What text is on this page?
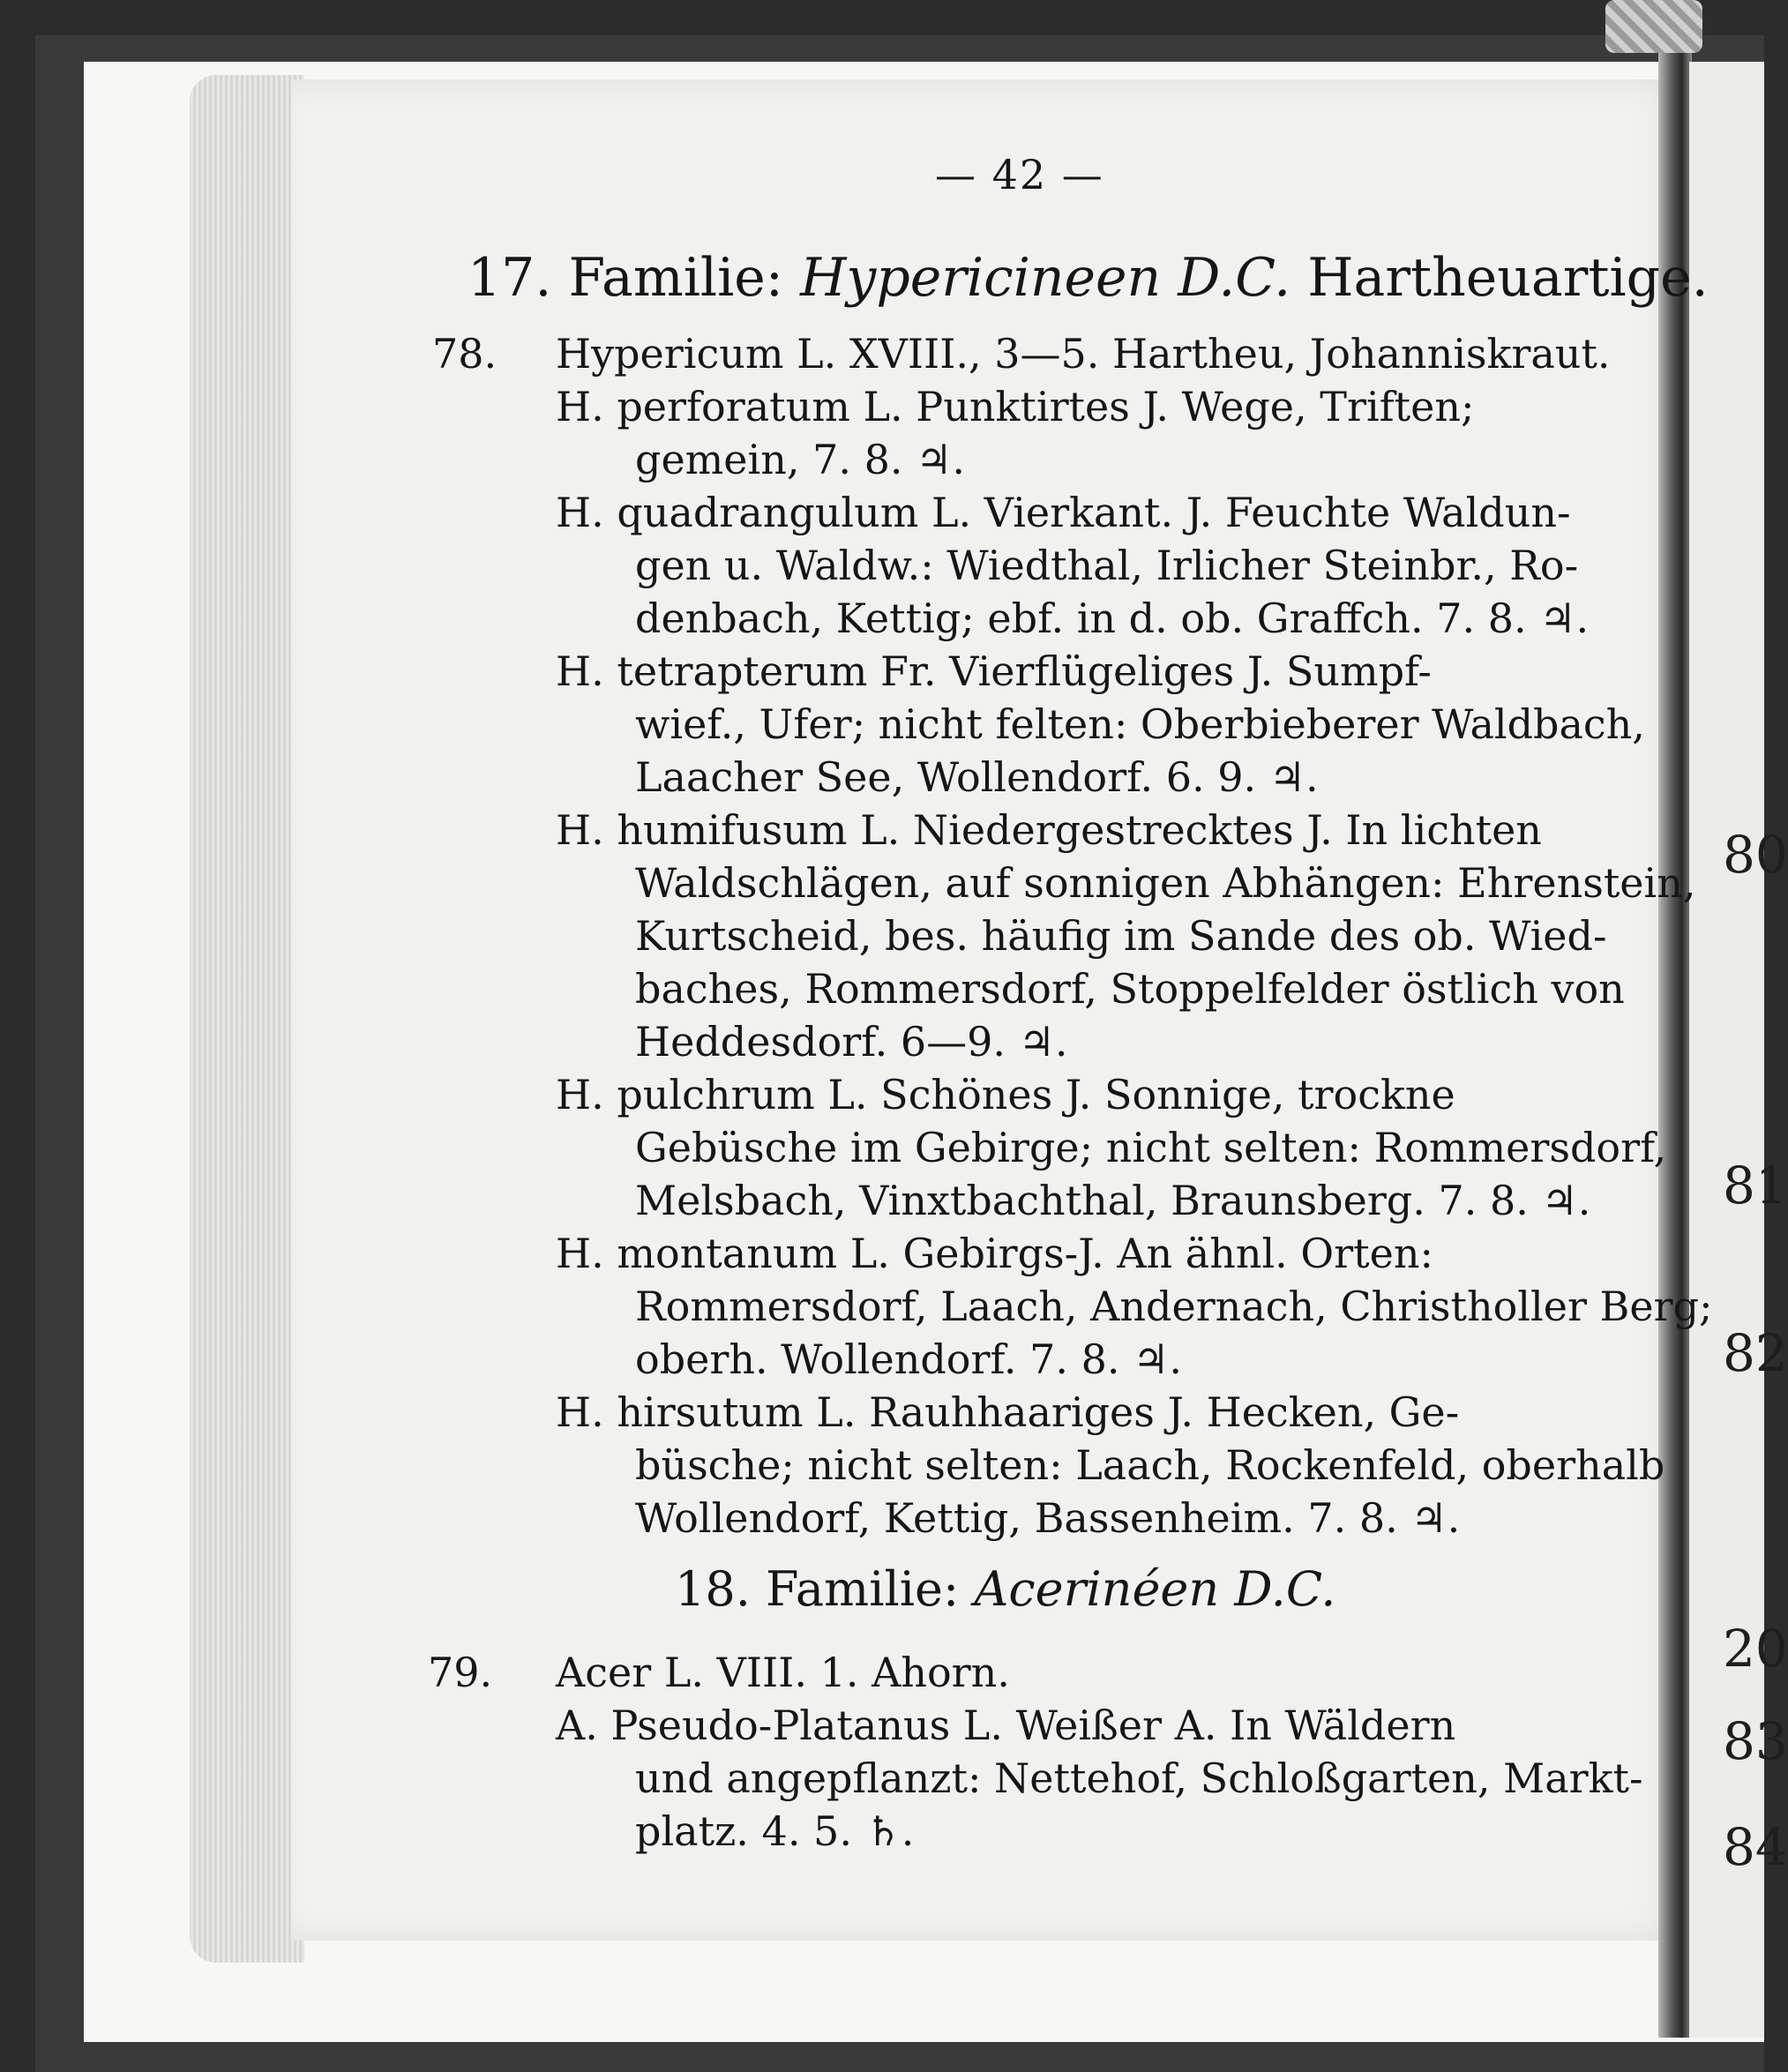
80
81
82
20
83
84
— 42 —
17. Familie: Hypericineen D.C. Hartheuartige.
78. Hypericum L. XVIII., 3—5. Hartheu, Johanniskraut.
H. perforatum L. Punktirtes J. Wege, Triften;
gemein, 7. 8. ♃.
H. quadrangulum L. Vierkant. J. Feuchte Waldun-
gen u. Waldw.: Wiedthal, Irlicher Steinbr., Ro-
denbach, Kettig; ebf. in d. ob. Graffch. 7. 8. ♃.
H. tetrapterum Fr. Vierflügeliges J. Sumpf-
wief., Ufer; nicht felten: Oberbieberer Waldbach,
Laacher See, Wollendorf. 6. 9. ♃.
H. humifusum L. Niedergestrecktes J. In lichten
Waldschlägen, auf sonnigen Abhängen: Ehrenstein,
Kurtscheid, bes. häufig im Sande des ob. Wied-
baches, Rommersdorf, Stoppelfelder östlich von
Heddesdorf. 6—9. ♃.
H. pulchrum L. Schönes J. Sonnige, trockne
Gebüsche im Gebirge; nicht selten: Rommersdorf,
Melsbach, Vinxtbachthal, Braunsberg. 7. 8. ♃.
H. montanum L. Gebirgs-J. An ähnl. Orten:
Rommersdorf, Laach, Andernach, Christholler Berg;
oberh. Wollendorf. 7. 8. ♃.
H. hirsutum L. Rauhhaariges J. Hecken, Ge-
büsche; nicht selten: Laach, Rockenfeld, oberhalb
Wollendorf, Kettig, Bassenheim. 7. 8. ♃.
18. Familie: Acerinéen D.C.
79. Acer L. VIII. 1. Ahorn.
A. Pseudo-Platanus L. Weißer A. In Wäldern
und angepflanzt: Nettehof, Schloßgarten, Markt-
platz. 4. 5. ♄.
